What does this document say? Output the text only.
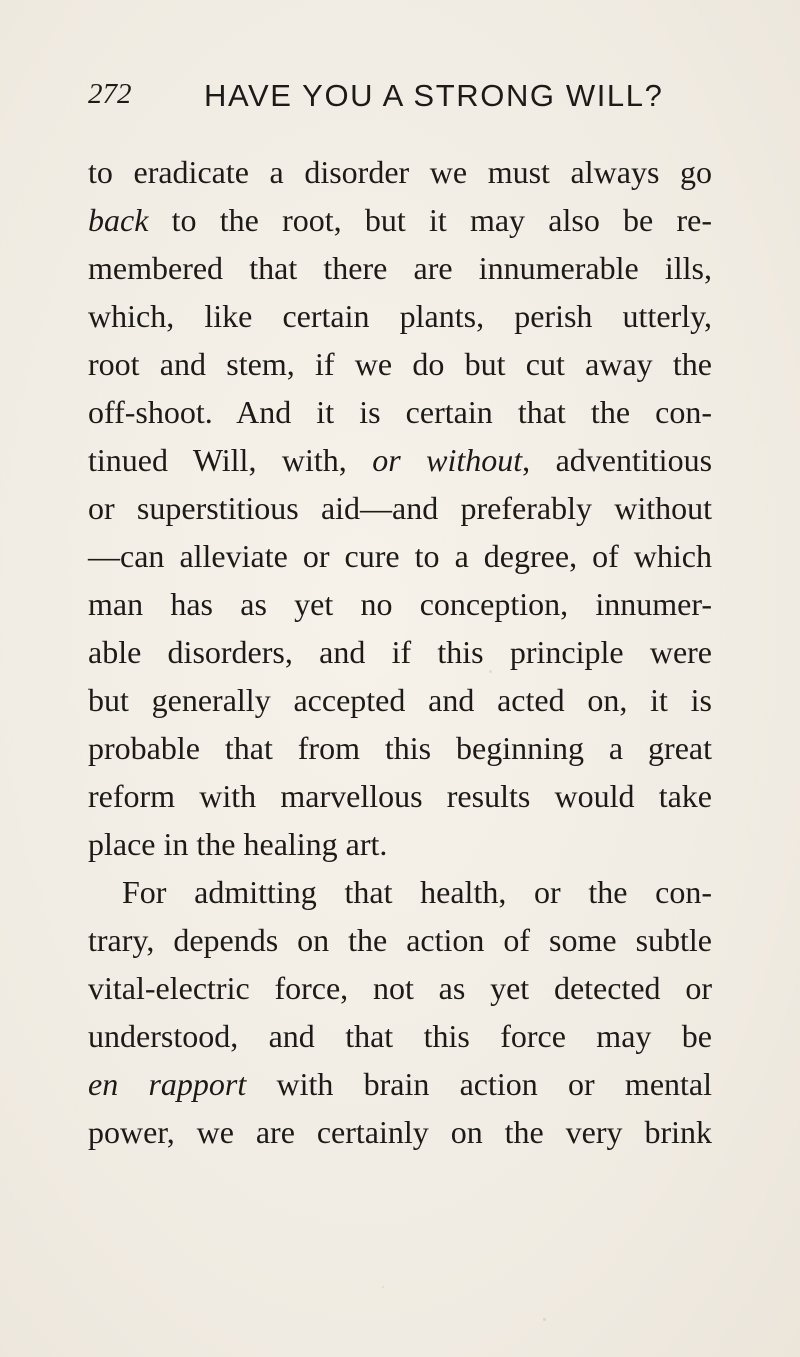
272 HAVE YOU A STRONG WILL?
to eradicate a disorder we must always go
back to the root, but it may also be re-
membered that there are innumerable ills,
which, like certain plants, perish utterly,
root and stem, if we do but cut away the
off-shoot. And it is certain that the con-
tinued Will, with, or without, adventitious
or superstitious aid—and preferably without
—can alleviate or cure to a degree, of which
man has as yet no conception, innumer-
able disorders, and if this principle were
but generally accepted and acted on, it is
probable that from this beginning a great
reform with marvellous results would take
place in the healing art.
For admitting that health, or the con-
trary, depends on the action of some subtle
vital-electric force, not as yet detected or
understood, and that this force may be
en rapport with brain action or mental
power, we are certainly on the very brink
